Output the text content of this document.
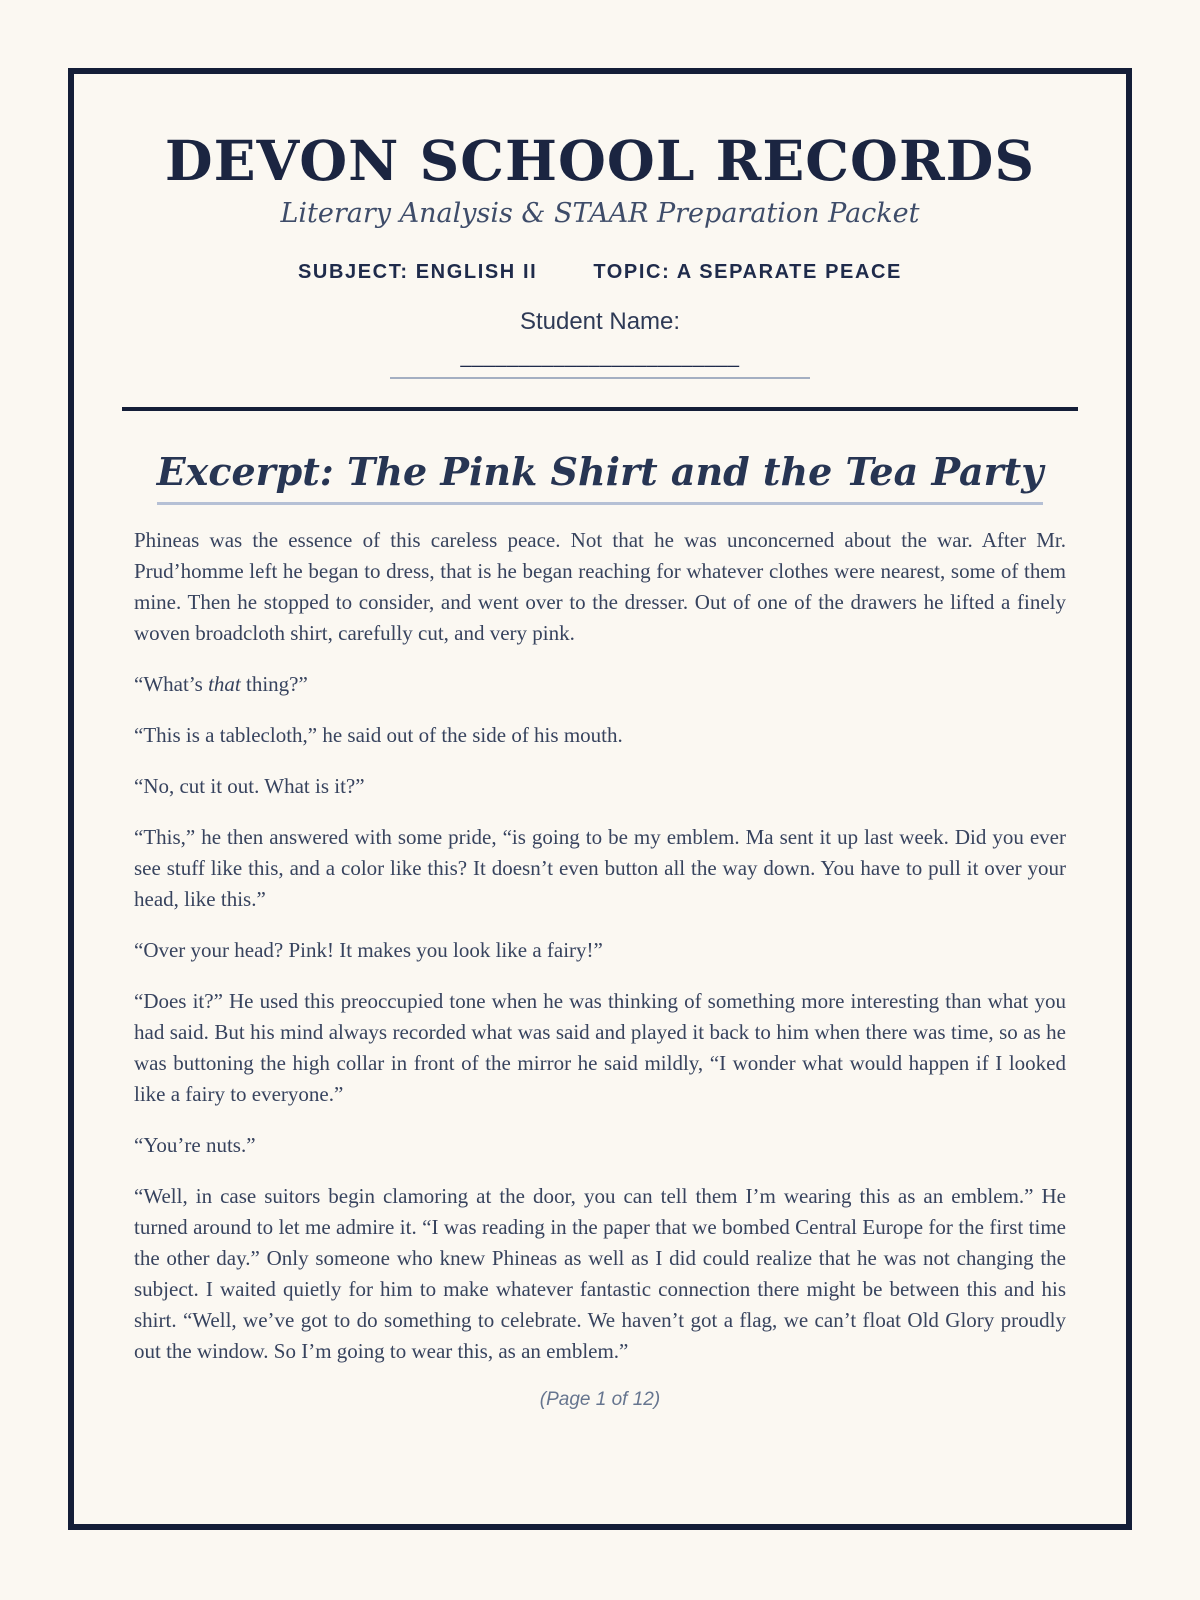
DEVON SCHOOL RECORDS

Literary Analysis & STAAR Preparation Packet

SUBJECT: ENGLISH II	TOPIC: A SEPARATE PEACE
Student Name:
________________________
Excerpt: The Pink Shirt and the Tea Party

Phineas was the essence of this careless peace. Not that he was unconcerned about the war. After Mr. Prud’homme left he began to dress, that is he began reaching for whatever clothes were nearest, some of them mine. Then he stopped to consider, and went over to the dresser. Out of one of the drawers he lifted a finely woven broadcloth shirt, carefully cut, and very pink.

“What’s that thing?”

“This is a tablecloth,” he said out of the side of his mouth.

“No, cut it out. What is it?”

“This,” he then answered with some pride, “is going to be my emblem. Ma sent it up last week. Did you ever see stuff like this, and a color like this? It doesn’t even button all the way down. You have to pull it over your head, like this.”

“Over your head? Pink! It makes you look like a fairy!”

“Does it?” He used this preoccupied tone when he was thinking of something more interesting than what you had said. But his mind always recorded what was said and played it back to him when there was time, so as he was buttoning the high collar in front of the mirror he said mildly, “I wonder what would happen if I looked like a fairy to everyone.”

“You’re nuts.”

“Well, in case suitors begin clamoring at the door, you can tell them I’m wearing this as an emblem.” He turned around to let me admire it. “I was reading in the paper that we bombed Central Europe for the first time the other day.” Only someone who knew Phineas as well as I did could realize that he was not changing the subject. I waited quietly for him to make whatever fantastic connection there might be between this and his shirt. “Well, we’ve got to do something to celebrate. We haven’t got a flag, we can’t float Old Glory proudly out the window. So I’m going to wear this, as an emblem.”

(Page 1 of 12)
